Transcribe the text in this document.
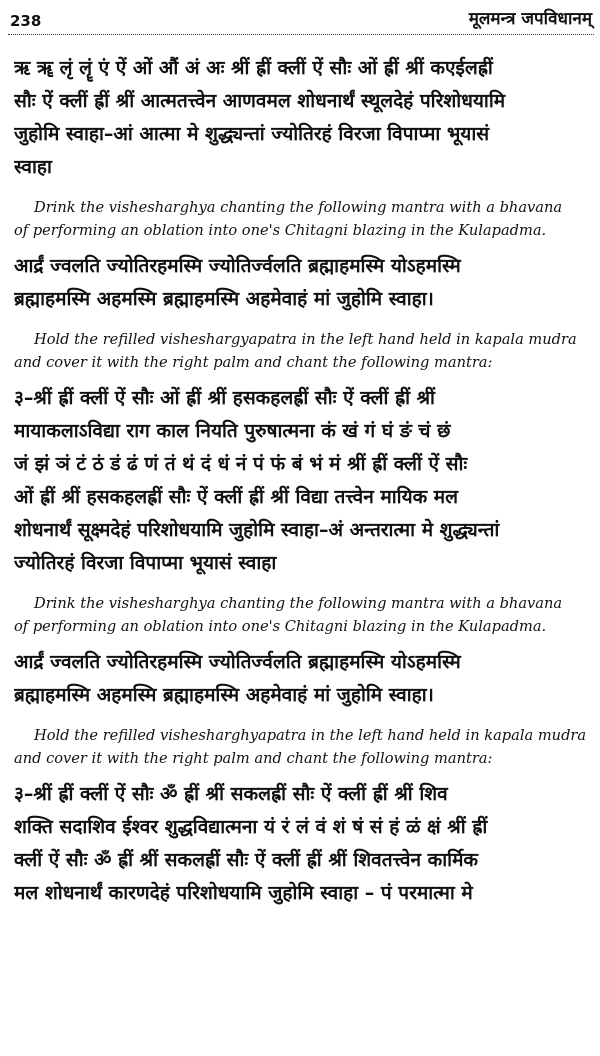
238	मूलमन्त्र जपविधानम्
ऋ ॠ लृं लॄं एं ऐं ओं औं अं अः श्रीं ह्रीं क्लीं ऐं सौः ओं ह्रीं श्रीं कएईलह्रीं
सौः ऐं क्लीं ह्रीं श्रीं आत्मतत्त्वेन आणवमल शोधनार्थं स्थूलदेहं परिशोधयामि
जुहोमि स्वाहा–आं आत्मा मे शुद्ध्यन्तां ज्योतिरहं विरजा विपाप्मा भूयासं
स्वाहा
Drink the vishesharghya chanting the following mantra with a bhavana
of performing an oblation into one's Chitagni blazing in the Kulapadma.
आर्द्रं ज्वलति ज्योतिरहमस्मि ज्योतिर्ज्वलति ब्रह्माहमस्मि योऽहमस्मि
ब्रह्माहमस्मि अहमस्मि ब्रह्माहमस्मि अहमेवाहं मां जुहोमि स्वाहा।
Hold the refilled visheshargyapatra in the left hand held in kapala mudra
and cover it with the right palm and chant the following mantra:
३–श्रीं ह्रीं क्लीं ऐं सौः ओं ह्रीं श्रीं हसकहलह्रीं सौः ऐं क्लीं ह्रीं श्रीं
मायाकलाऽविद्या राग काल नियति पुरुषात्मना कं खं गं घं ङं चं छं
जं झं ञं टं ठं डं ढं णं तं थं दं धं नं पं फं बं भं मं श्रीं ह्रीं क्लीं ऐं सौः
ओं ह्रीं श्रीं हसकहलह्रीं सौः ऐं क्लीं ह्रीं श्रीं विद्या तत्त्वेन मायिक मल
शोधनार्थं सूक्ष्मदेहं परिशोधयामि जुहोमि स्वाहा–अं अन्तरात्मा मे शुद्ध्यन्तां
ज्योतिरहं विरजा विपाप्मा भूयासं स्वाहा
Drink the vishesharghya chanting the following mantra with a bhavana
of performing an oblation into one's Chitagni blazing in the Kulapadma.
आर्द्रं ज्वलति ज्योतिरहमस्मि ज्योतिर्ज्वलति ब्रह्माहमस्मि योऽहमस्मि
ब्रह्माहमस्मि अहमस्मि ब्रह्माहमस्मि अहमेवाहं मां जुहोमि स्वाहा।
Hold the refilled vishesharghyapatra in the left hand held in kapala mudra
and cover it with the right palm and chant the following mantra:
३–श्रीं ह्रीं क्लीं ऐं सौः ॐ ह्रीं श्रीं सकलह्रीं सौः ऐं क्लीं ह्रीं श्रीं शिव
शक्ति सदाशिव ईश्वर शुद्धविद्यात्मना यं रं लं वं शं षं सं हं ळं क्षं श्रीं ह्रीं
क्लीं ऐं सौः ॐ ह्रीं श्रीं सकलह्रीं सौः ऐं क्लीं ह्रीं श्रीं शिवतत्त्वेन कार्मिक
मल शोधनार्थं कारणदेहं परिशोधयामि जुहोमि स्वाहा – पं परमात्मा मे
